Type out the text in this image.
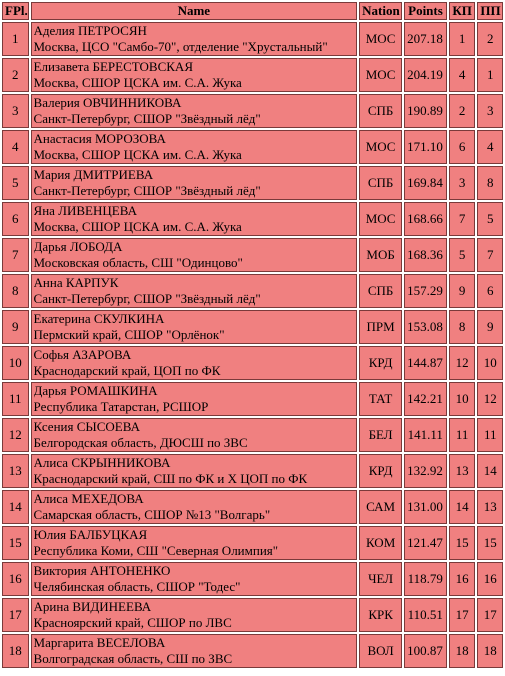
FPl.	Name	Nation	Points	КП	ПП
1	Аделия ПЕТРОСЯН
Москва, ЦСО "Самбо-70", отделение "Хрустальный"	МОС	207.18	1	2
2	Елизавета БЕРЕСТОВСКАЯ
Москва, СШОР ЦСКА им. С.А. Жука	МОС	204.19	4	1
3	Валерия ОВЧИННИКОВА
Санкт-Петербург, СШОР "Звёздный лёд"	СПБ	190.89	2	3
4	Анастасия МОРОЗОВА
Москва, СШОР ЦСКА им. С.А. Жука	МОС	171.10	6	4
5	Мария ДМИТРИЕВА
Санкт-Петербург, СШОР "Звёздный лёд"	СПБ	169.84	3	8
6	Яна ЛИВЕНЦЕВА
Москва, СШОР ЦСКА им. С.А. Жука	МОС	168.66	7	5
7	Дарья ЛОБОДА
Московская область, СШ "Одинцово"	МОБ	168.36	5	7
8	Анна КАРПУК
Санкт-Петербург, СШОР "Звёздный лёд"	СПБ	157.29	9	6
9	Екатерина СКУЛКИНА
Пермский край, СШОР "Орлёнок"	ПРМ	153.08	8	9
10	Софья АЗАРОВА
Краснодарский край, ЦОП по ФК	КРД	144.87	12	10
11	Дарья РОМАШКИНА
Республика Татарстан, РСШОР	ТАТ	142.21	10	12
12	Ксения СЫСОЕВА
Белгородская область, ДЮСШ по ЗВС	БЕЛ	141.11	11	11
13	Алиса СКРЫННИКОВА
Краснодарский край, СШ по ФК и Х ЦОП по ФК	КРД	132.92	13	14
14	Алиса МЕХЕДОВА
Самарская область, СШОР №13 "Волгарь"	САМ	131.00	14	13
15	Юлия БАЛБУЦКАЯ
Республика Коми, СШ "Северная Олимпия"	КОМ	121.47	15	15
16	Виктория АНТОНЕНКО
Челябинская область, СШОР "Тодес"	ЧЕЛ	118.79	16	16
17	Арина ВИДИНЕЕВА
Красноярский край, СШОР по ЛВС	КРК	110.51	17	17
18	Маргарита ВЕСЕЛОВА
Волгоградская область, СШ по ЗВС	ВОЛ	100.87	18	18
